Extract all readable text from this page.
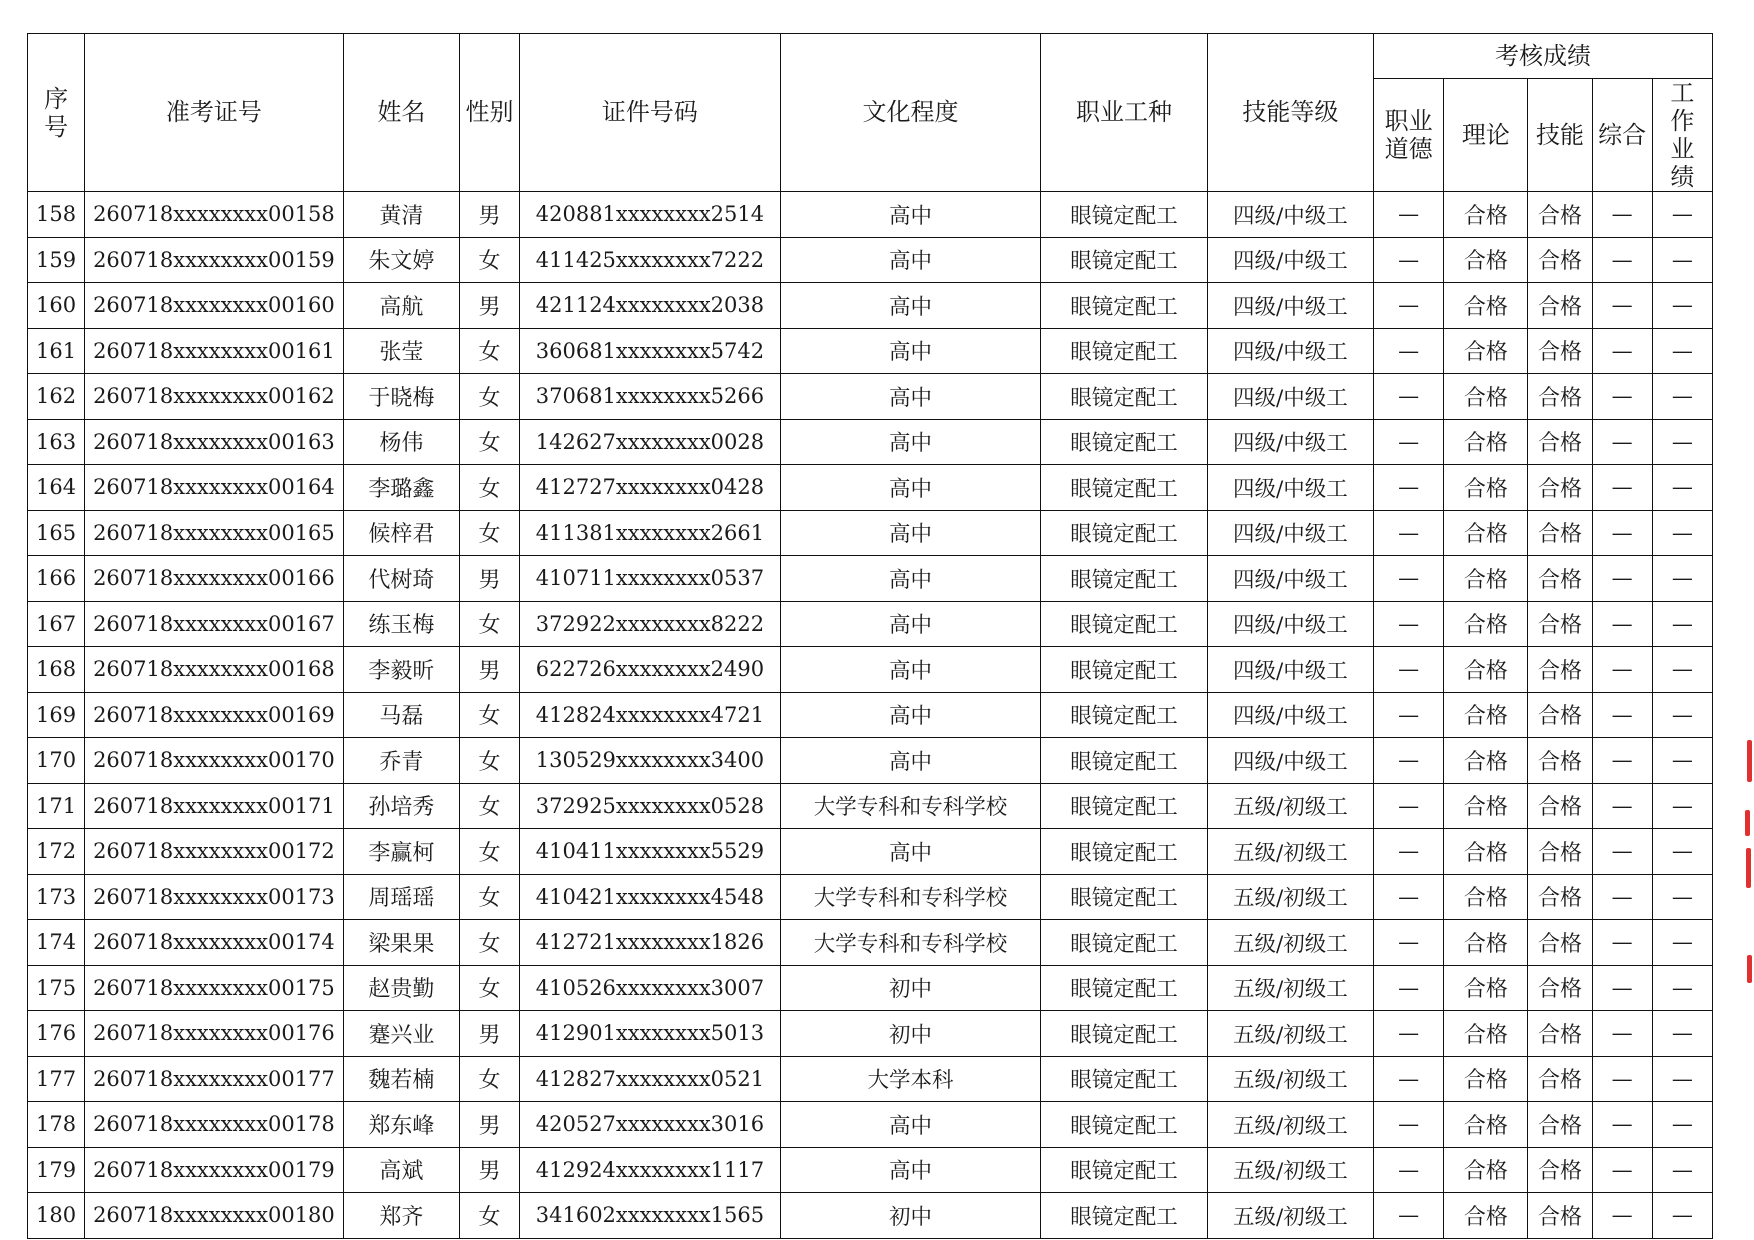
序号	准考证号	姓名	性别	证件号码	文化程度	职业工种	技能等级	考核成绩				
								职业道德	理论	技能	综合	工作业绩
158	260718xxxxxxxx00158	黄清	男	420881xxxxxxxx2514	高中	眼镜定配工	四级/中级工	—	合格	合格	—	—
159	260718xxxxxxxx00159	朱文婷	女	411425xxxxxxxx7222	高中	眼镜定配工	四级/中级工	—	合格	合格	—	—
160	260718xxxxxxxx00160	高航	男	421124xxxxxxxx2038	高中	眼镜定配工	四级/中级工	—	合格	合格	—	—
161	260718xxxxxxxx00161	张莹	女	360681xxxxxxxx5742	高中	眼镜定配工	四级/中级工	—	合格	合格	—	—
162	260718xxxxxxxx00162	于晓梅	女	370681xxxxxxxx5266	高中	眼镜定配工	四级/中级工	—	合格	合格	—	—
163	260718xxxxxxxx00163	杨伟	女	142627xxxxxxxx0028	高中	眼镜定配工	四级/中级工	—	合格	合格	—	—
164	260718xxxxxxxx00164	李璐鑫	女	412727xxxxxxxx0428	高中	眼镜定配工	四级/中级工	—	合格	合格	—	—
165	260718xxxxxxxx00165	候梓君	女	411381xxxxxxxx2661	高中	眼镜定配工	四级/中级工	—	合格	合格	—	—
166	260718xxxxxxxx00166	代树琦	男	410711xxxxxxxx0537	高中	眼镜定配工	四级/中级工	—	合格	合格	—	—
167	260718xxxxxxxx00167	练玉梅	女	372922xxxxxxxx8222	高中	眼镜定配工	四级/中级工	—	合格	合格	—	—
168	260718xxxxxxxx00168	李毅昕	男	622726xxxxxxxx2490	高中	眼镜定配工	四级/中级工	—	合格	合格	—	—
169	260718xxxxxxxx00169	马磊	女	412824xxxxxxxx4721	高中	眼镜定配工	四级/中级工	—	合格	合格	—	—
170	260718xxxxxxxx00170	乔青	女	130529xxxxxxxx3400	高中	眼镜定配工	四级/中级工	—	合格	合格	—	—
171	260718xxxxxxxx00171	孙培秀	女	372925xxxxxxxx0528	大学专科和专科学校	眼镜定配工	五级/初级工	—	合格	合格	—	—
172	260718xxxxxxxx00172	李赢柯	女	410411xxxxxxxx5529	高中	眼镜定配工	五级/初级工	—	合格	合格	—	—
173	260718xxxxxxxx00173	周瑶瑶	女	410421xxxxxxxx4548	大学专科和专科学校	眼镜定配工	五级/初级工	—	合格	合格	—	—
174	260718xxxxxxxx00174	梁果果	女	412721xxxxxxxx1826	大学专科和专科学校	眼镜定配工	五级/初级工	—	合格	合格	—	—
175	260718xxxxxxxx00175	赵贵勤	女	410526xxxxxxxx3007	初中	眼镜定配工	五级/初级工	—	合格	合格	—	—
176	260718xxxxxxxx00176	蹇兴业	男	412901xxxxxxxx5013	初中	眼镜定配工	五级/初级工	—	合格	合格	—	—
177	260718xxxxxxxx00177	魏若楠	女	412827xxxxxxxx0521	大学本科	眼镜定配工	五级/初级工	—	合格	合格	—	—
178	260718xxxxxxxx00178	郑东峰	男	420527xxxxxxxx3016	高中	眼镜定配工	五级/初级工	—	合格	合格	—	—
179	260718xxxxxxxx00179	高斌	男	412924xxxxxxxx1117	高中	眼镜定配工	五级/初级工	—	合格	合格	—	—
180	260718xxxxxxxx00180	郑齐	女	341602xxxxxxxx1565	初中	眼镜定配工	五级/初级工	—	合格	合格	—	—
